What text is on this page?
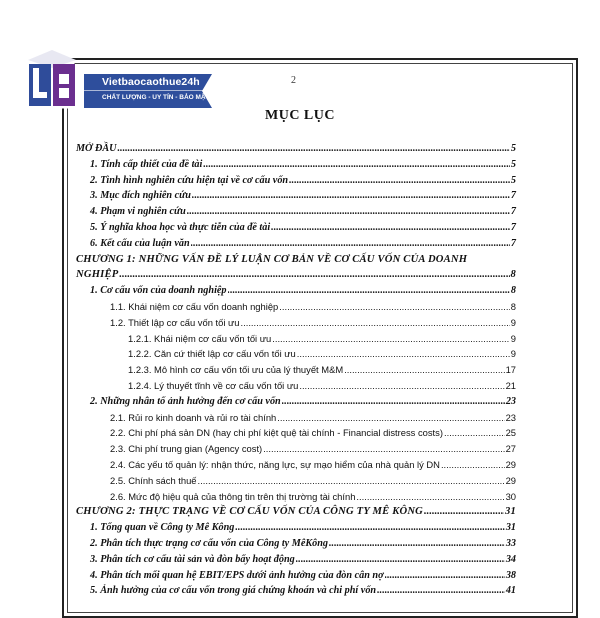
Vietbaocaothue24h
CHẤT LƯỢNG - UY TÍN - BẢO MẬT
2
MỤC LỤC
MỞ ĐẦU .....	5
1. Tính cấp thiết của đề tài .....	5
2. Tình hình nghiên cứu hiện tại về cơ cấu vốn .....	5
3. Mục đích nghiên cứu .....	7
4. Phạm vi nghiên cứu .....	7
5. Ý nghĩa khoa học và thực tiễn của đề tài .....	7
6. Kết cấu của luận văn .....	7
CHƯƠNG 1: NHỮNG VẤN ĐỀ LÝ LUẬN CƠ BẢN VỀ CƠ CẤU VỐN CỦA DOANH
NGHIỆP .....	8
1. Cơ cấu vốn của doanh nghiệp .....	8
1.1. Khái niệm cơ cấu vốn doanh nghiệp .....	8
1.2. Thiết lập cơ cấu vốn tối ưu .....	9
1.2.1. Khái niệm cơ cấu vốn tối ưu .....	9
1.2.2. Căn cứ thiết lập cơ cấu vốn tối ưu .....	9
1.2.3. Mô hình cơ cấu vốn tối ưu của lý thuyết M&M .....	17
1.2.4. Lý thuyết tĩnh về cơ cấu vốn tối ưu .....	21
2. Những nhân tố ảnh hưởng đến cơ cấu vốn .....	23
2.1. Rủi ro kinh doanh và rủi ro tài chính .....	23
2.2. Chi phí phá sản DN (hay chi phí kiệt quệ tài chính - Financial distress costs) .....	25
2.3. Chi phí trung gian (Agency cost) .....	27
2.4. Các yếu tố quản lý: nhận thức, năng lực, sự mạo hiểm của nhà quản lý DN .....	29
2.5. Chính sách thuế .....	29
2.6. Mức độ hiệu quả của thông tin trên thị trường tài chính .....	30
CHƯƠNG 2: THỰC TRẠNG VỀ CƠ CẤU VỐN CỦA CÔNG TY MÊ KÔNG .....	31
1. Tổng quan về Công ty Mê Kông .....	31
2. Phân tích thực trạng cơ cấu vốn của Công ty MêKông .....	33
3. Phân tích cơ cấu tài sản và đòn bẩy hoạt động .....	34
4. Phân tích mối quan hệ EBIT/EPS dưới ảnh hưởng của đòn cân nợ .....	38
5. Ảnh hưởng của cơ cấu vốn trong giá chứng khoán và chi phí vốn .....	41
